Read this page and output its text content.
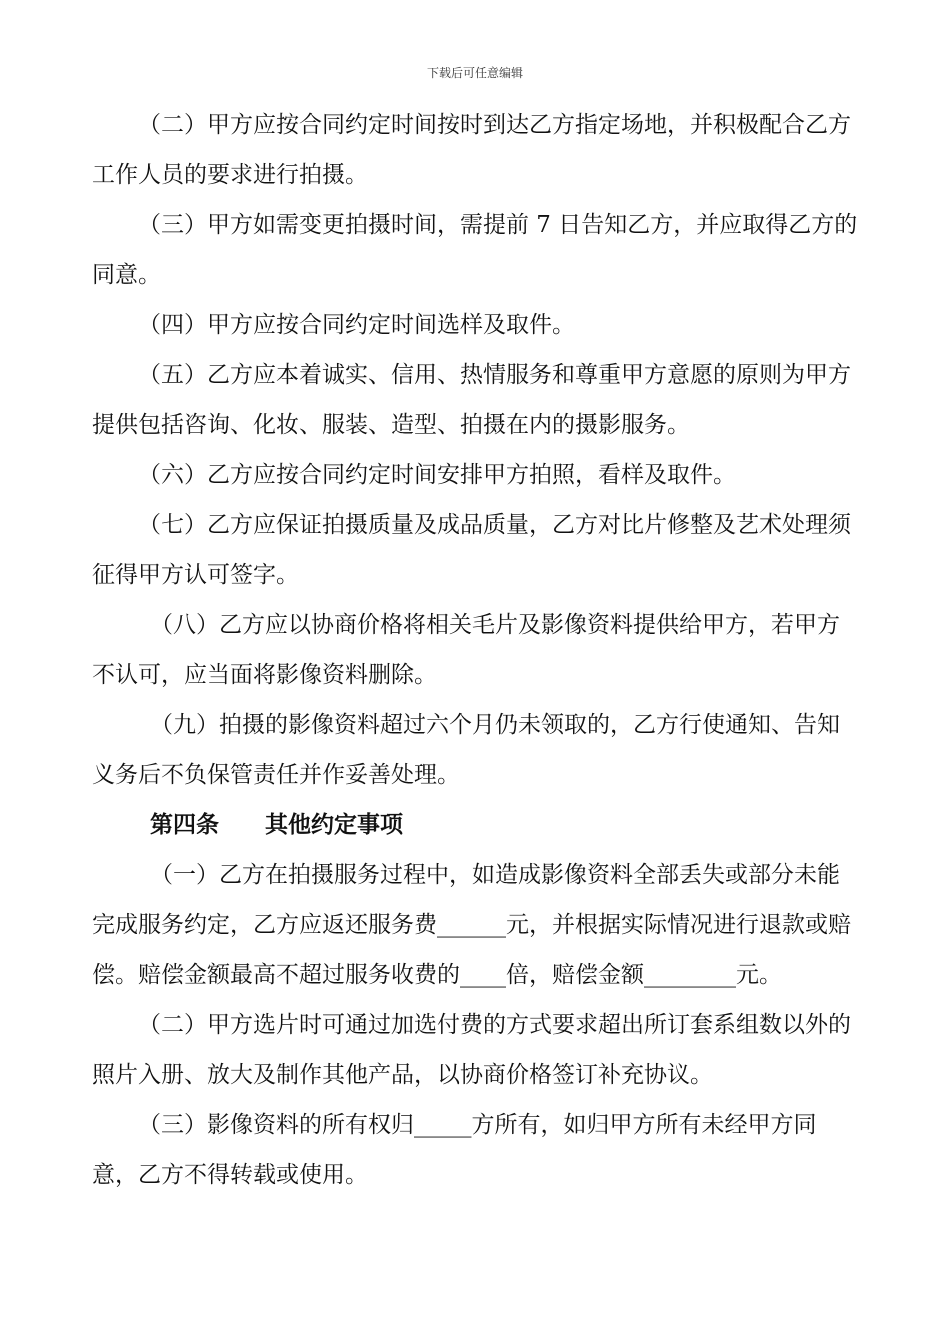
下载后可任意编辑

（二）甲方应按合同约定时间按时到达乙方指定场地，并积极配合乙方工作人员的要求进行拍摄。

（三）甲方如需变更拍摄时间，需提前 7 日告知乙方，并应取得乙方的同意。

（四）甲方应按合同约定时间选样及取件。

（五）乙方应本着诚实、信用、热情服务和尊重甲方意愿的原则为甲方提供包括咨询、化妆、服装、造型、拍摄在内的摄影服务。

（六）乙方应按合同约定时间安排甲方拍照，看样及取件。

（七）乙方应保证拍摄质量及成品质量，乙方对比片修整及艺术处理须征得甲方认可签字。

（八）乙方应以协商价格将相关毛片及影像资料提供给甲方，若甲方不认可，应当面将影像资料删除。

（九）拍摄的影像资料超过六个月仍未领取的，乙方行使通知、告知义务后不负保管责任并作妥善处理。

第四条 其他约定事项

（一）乙方在拍摄服务过程中，如造成影像资料全部丢失或部分未能完成服务约定，乙方应返还服务费______元，并根据实际情况进行退款或赔偿。赔偿金额最高不超过服务收费的____倍，赔偿金额________元。

（二）甲方选片时可通过加选付费的方式要求超出所订套系组数以外的照片入册、放大及制作其他产品，以协商价格签订补充协议。

（三）影像资料的所有权归_____方所有，如归甲方所有未经甲方同意，乙方不得转载或使用。
